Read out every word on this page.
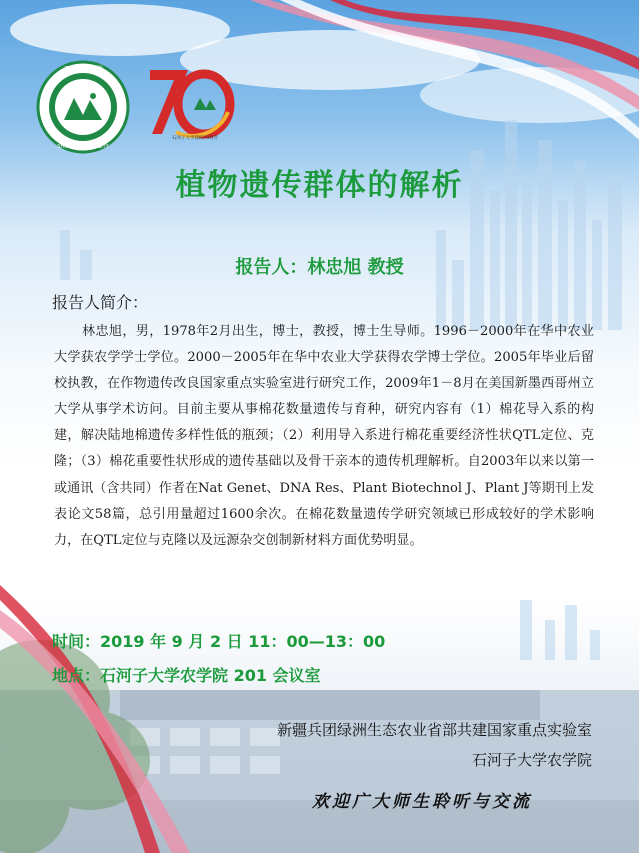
石河子大学
SHIHEZI UNIVERSITY
石河子大学建校70周年
植物遗传群体的解析
报告人：林忠旭 教授
报告人简介：

林忠旭，男，1978年2月出生，博士，教授，博士生导师。1996－2000年在华中农业大学获农学学士学位。2000－2005年在华中农业大学获得农学博士学位。2005年毕业后留校执教，在作物遗传改良国家重点实验室进行研究工作，2009年1－8月在美国新墨西哥州立大学从事学术访问。目前主要从事棉花数量遗传与育种，研究内容有（1）棉花导入系的构建，解决陆地棉遗传多样性低的瓶颈；（2）利用导入系进行棉花重要经济性状QTL定位、克隆；（3）棉花重要性状形成的遗传基础以及骨干亲本的遗传机理解析。自2003年以来以第一或通讯（含共同）作者在Nat Genet、DNA Res、Plant Biotechnol J、Plant J等期刊上发表论文58篇，总引用量超过1600余次。在棉花数量遗传学研究领域已形成较好的学术影响力，在QTL定位与克隆以及远源杂交创制新材料方面优势明显。

时间：2019 年 9 月 2 日 11：00—13：00
地点：石河子大学农学院 201 会议室
新疆兵团绿洲生态农业省部共建国家重点实验室
石河子大学农学院
欢迎广大师生聆听与交流
